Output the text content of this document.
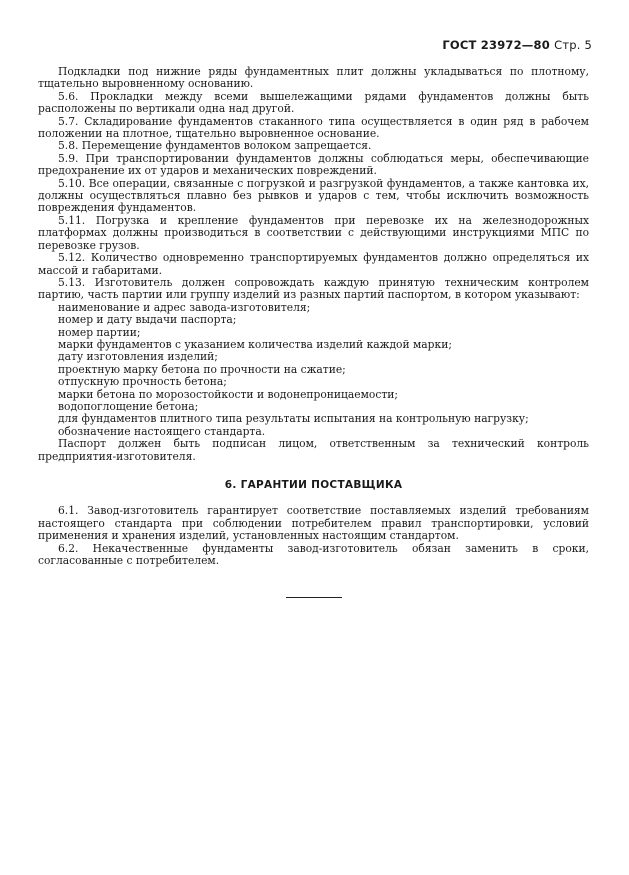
ГОСТ 23972—80 Стр. 5

Подкладки под нижние ряды фундаментных плит должны укладываться по плотному, тщательно выровненному основанию.

5.6. Прокладки между всеми вышележащими рядами фундаментов должны быть расположены по вертикали одна над другой.

5.7. Складирование фундаментов стаканного типа осуществляется в один ряд в рабочем положении на плотное, тщательно выровненное основание.

5.8. Перемещение фундаментов волоком запрещается.

5.9. При транспортировании фундаментов должны соблюдаться меры, обеспечивающие предохранение их от ударов и механических повреждений.

5.10. Все операции, связанные с погрузкой и разгрузкой фундаментов, а также кантовка их, должны осуществляться плавно без рывков и ударов с тем, чтобы исключить возможность повреждения фундаментов.

5.11. Погрузка и крепление фундаментов при перевозке их на железнодорожных платформах должны производиться в соответствии с действующими инструкциями МПС по перевозке грузов.

5.12. Количество одновременно транспортируемых фундаментов должно определяться их массой и габаритами.

5.13. Изготовитель должен сопровождать каждую принятую техническим контролем партию, часть партии или группу изделий из разных партий паспортом, в котором указывают:

наименование и адрес завода-изготовителя;

номер и дату выдачи паспорта;

номер партии;

марки фундаментов с указанием количества изделий каждой марки;

дату изготовления изделий;

проектную марку бетона по прочности на сжатие;

отпускную прочность бетона;

марки бетона по морозостойкости и водонепроницаемости;

водопоглощение бетона;

для фундаментов плитного типа результаты испытания на контрольную нагрузку;

обозначение настоящего стандарта.

Паспорт должен быть подписан лицом, ответственным за технический контроль предприятия-изготовителя.

6. ГАРАНТИИ ПОСТАВЩИКА

6.1. Завод-изготовитель гарантирует соответствие поставляемых изделий требованиям настоящего стандарта при соблюдении потребителем правил транспортировки, условий применения и хранения изделий, установленных настоящим стандартом.

6.2. Некачественные фундаменты завод-изготовитель обязан заменить в сроки, согласованные с потребителем.
